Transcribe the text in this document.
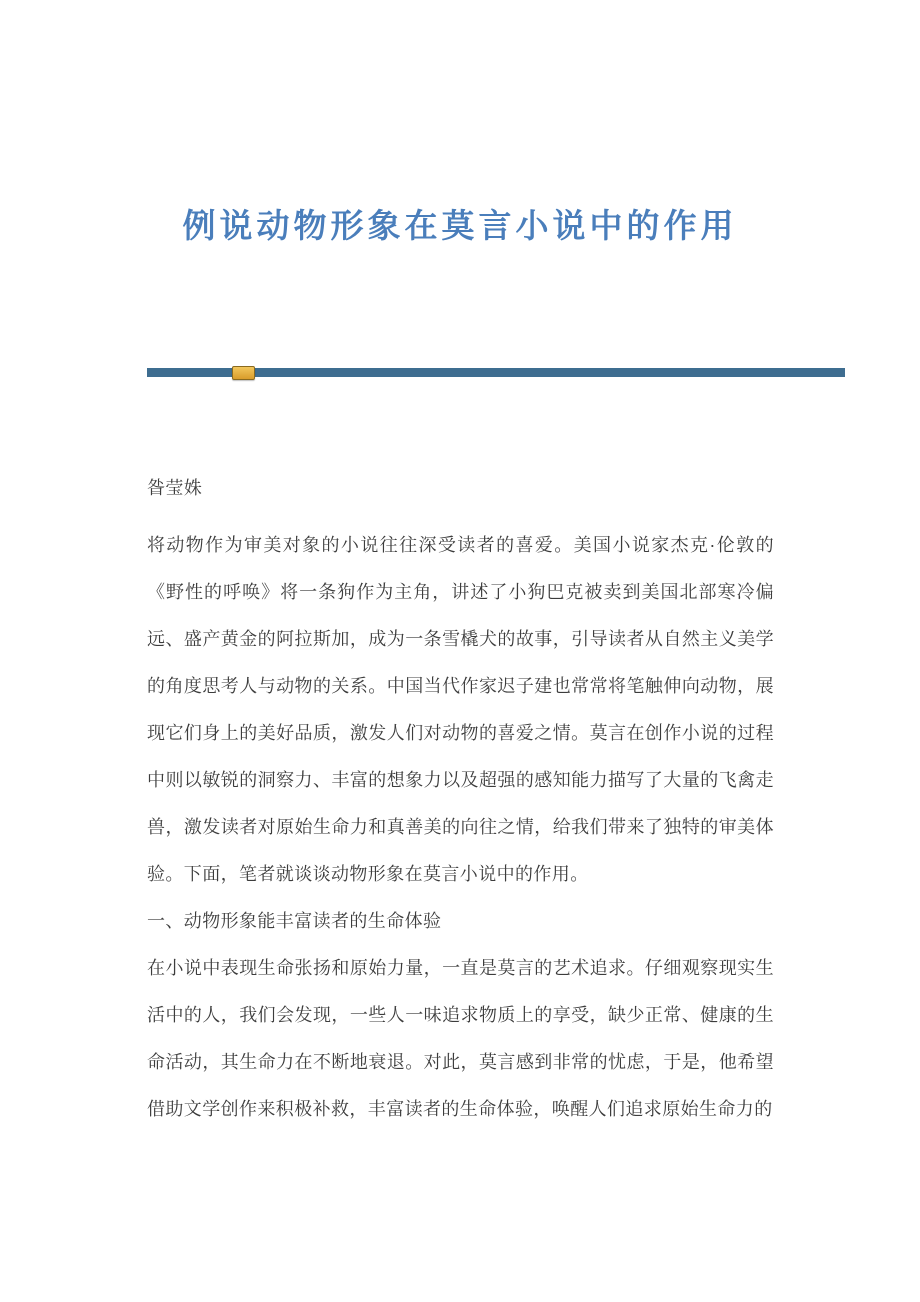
例说动物形象在莫言小说中的作用

昝莹姝

将动物作为审美对象的小说往往深受读者的喜爱。美国小说家杰克·伦敦的《野性的呼唤》将一条狗作为主角，讲述了小狗巴克被卖到美国北部寒冷偏远、盛产黄金的阿拉斯加，成为一条雪橇犬的故事，引导读者从自然主义美学的角度思考人与动物的关系。中国当代作家迟子建也常常将笔触伸向动物，展现它们身上的美好品质，激发人们对动物的喜爱之情。莫言在创作小说的过程中则以敏锐的洞察力、丰富的想象力以及超强的感知能力描写了大量的飞禽走兽，激发读者对原始生命力和真善美的向往之情，给我们带来了独特的审美体验。下面，笔者就谈谈动物形象在莫言小说中的作用。

一、动物形象能丰富读者的生命体验

在小说中表现生命张扬和原始力量，一直是莫言的艺术追求。仔细观察现实生活中的人，我们会发现，一些人一味追求物质上的享受，缺少正常、健康的生命活动，其生命力在不断地衰退。对此，莫言感到非常的忧虑，于是，他希望借助文学创作来积极补救，丰富读者的生命体验，唤醒人们追求原始生命力的
